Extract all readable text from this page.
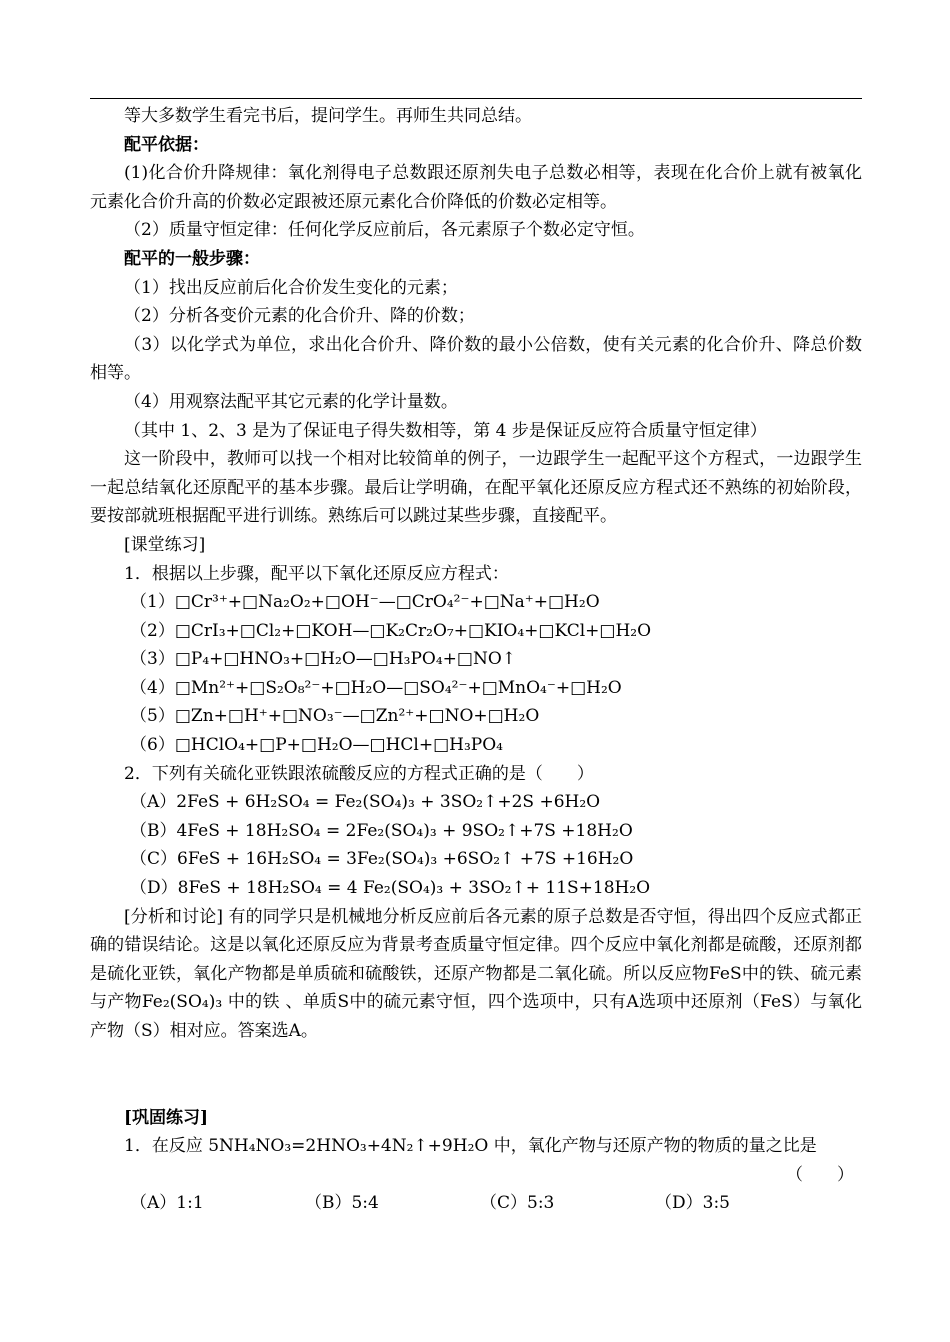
等大多数学生看完书后，提问学生。再师生共同总结。

配平依据：

(1)化合价升降规律：氧化剂得电子总数跟还原剂失电子总数必相等，表现在化合价上就有被氧化元素化合价升高的价数必定跟被还原元素化合价降低的价数必定相等。

（2）质量守恒定律：任何化学反应前后，各元素原子个数必定守恒。

配平的一般步骤：

（1）找出反应前后化合价发生变化的元素；

（2）分析各变价元素的化合价升、降的价数；

（3）以化学式为单位，求出化合价升、降价数的最小公倍数，使有关元素的化合价升、降总价数相等。

（4）用观察法配平其它元素的化学计量数。

（其中 1、2、3 是为了保证电子得失数相等，第 4 步是保证反应符合质量守恒定律）

这一阶段中，教师可以找一个相对比较简单的例子，一边跟学生一起配平这个方程式，一边跟学生一起总结氧化还原配平的基本步骤。最后让学明确，在配平氧化还原反应方程式还不熟练的初始阶段，要按部就班根据配平进行训练。熟练后可以跳过某些步骤，直接配平。

[课堂练习]

1．根据以上步骤，配平以下氧化还原反应方程式：

（1）□Cr³⁺+□Na₂O₂+□OH⁻—□CrO₄²⁻+□Na⁺+□H₂O

（2）□CrI₃+□Cl₂+□KOH—□K₂Cr₂O₇+□KIO₄+□KCl+□H₂O

（3）□P₄+□HNO₃+□H₂O—□H₃PO₄+□NO↑

（4）□Mn²⁺+□S₂O₈²⁻+□H₂O—□SO₄²⁻+□MnO₄⁻+□H₂O

（5）□Zn+□H⁺+□NO₃⁻—□Zn²⁺+□NO+□H₂O

（6）□HClO₄+□P+□H₂O—□HCl+□H₃PO₄

2．下列有关硫化亚铁跟浓硫酸反应的方程式正确的是（　　）

（A）2FeS + 6H₂SO₄ = Fe₂(SO₄)₃ + 3SO₂↑+2S +6H₂O

（B）4FeS + 18H₂SO₄ = 2Fe₂(SO₄)₃ + 9SO₂↑+7S +18H₂O

（C）6FeS + 16H₂SO₄ = 3Fe₂(SO₄)₃ +6SO₂↑ +7S +16H₂O

（D）8FeS + 18H₂SO₄ = 4 Fe₂(SO₄)₃ + 3SO₂↑+ 11S+18H₂O

[分析和讨论] 有的同学只是机械地分析反应前后各元素的原子总数是否守恒，得出四个反应式都正确的错误结论。这是以氧化还原反应为背景考查质量守恒定律。四个反应中氧化剂都是硫酸，还原剂都是硫化亚铁，氧化产物都是单质硫和硫酸铁，还原产物都是二氧化硫。所以反应物FeS中的铁、硫元素与产物Fe₂(SO₄)₃ 中的铁 、单质S中的硫元素守恒，四个选项中，只有A选项中还原剂（FeS）与氧化产物（S）相对应。答案选A。

[巩固练习]

1．在反应 5NH₄NO₃=2HNO₃+4N₂↑+9H₂O 中，氧化产物与还原产物的物质的量之比是

（　　）
（A）1:1	（B）5:4	（C）5:3	（D）3:5
